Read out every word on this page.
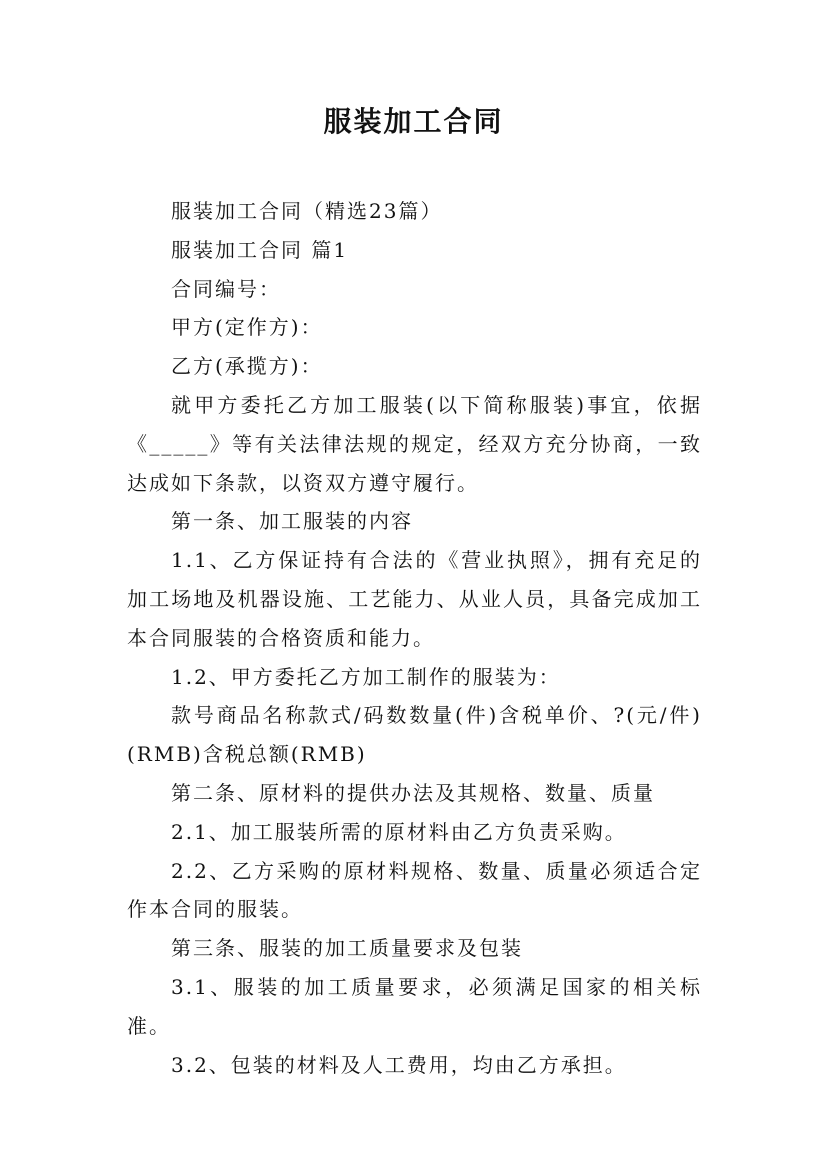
服装加工合同

服装加工合同（精选23篇）

服装加工合同 篇1

合同编号：

甲方(定作方)：

乙方(承揽方)：

就甲方委托乙方加工服装(以下简称服装)事宜，依据《_____》等有关法律法规的规定，经双方充分协商，一致达成如下条款，以资双方遵守履行。

第一条、加工服装的内容

1.1、乙方保证持有合法的《营业执照》，拥有充足的加工场地及机器设施、工艺能力、从业人员，具备完成加工本合同服装的合格资质和能力。

1.2、甲方委托乙方加工制作的服装为：

款号商品名称款式/码数数量(件)含税单价、?(元/件)(RMB)含税总额(RMB)

第二条、原材料的提供办法及其规格、数量、质量

2.1、加工服装所需的原材料由乙方负责采购。

2.2、乙方采购的原材料规格、数量、质量必须适合定作本合同的服装。

第三条、服装的加工质量要求及包装

3.1、服装的加工质量要求，必须满足国家的相关标准。

3.2、包装的材料及人工费用，均由乙方承担。
